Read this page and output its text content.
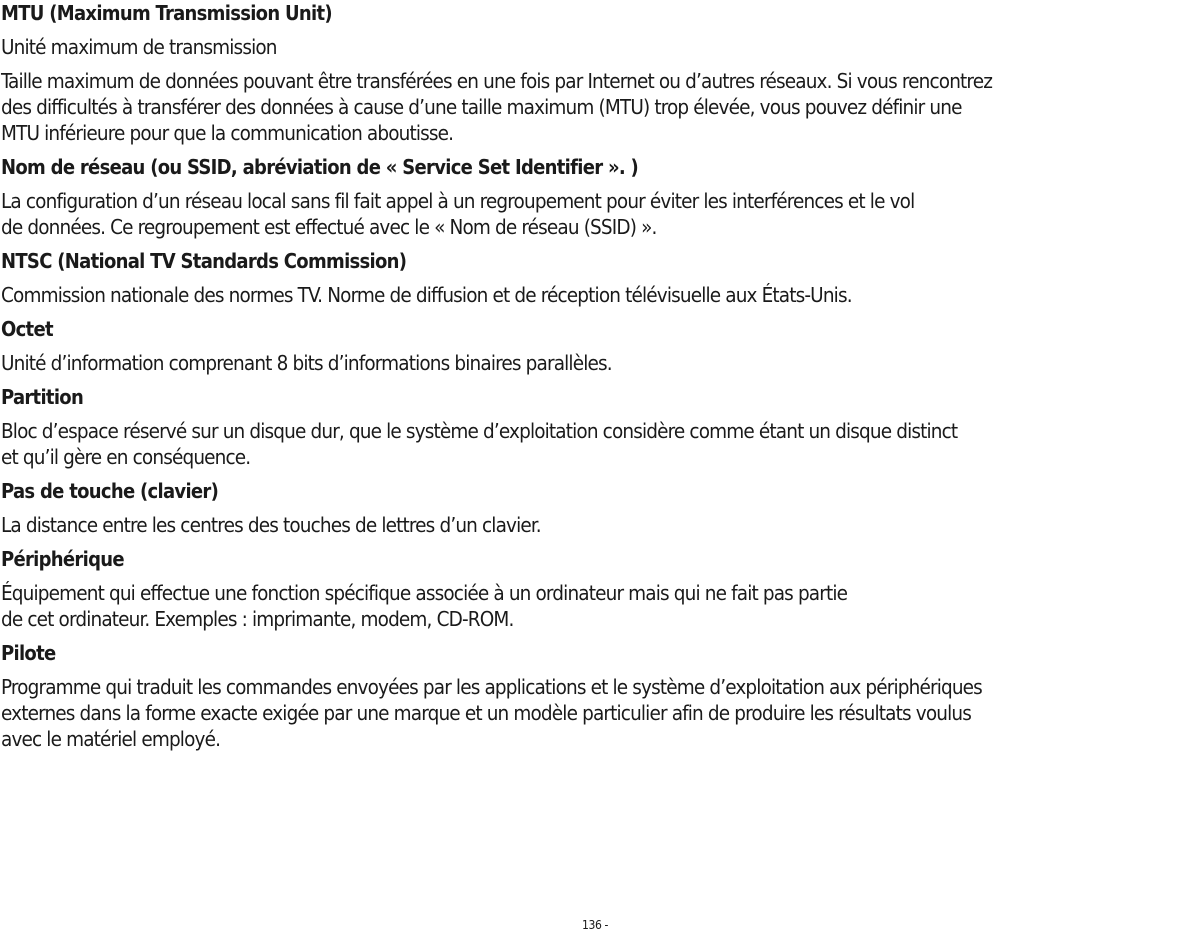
MTU (Maximum Transmission Unit)
Unité maximum de transmission
Taille maximum de données pouvant être transférées en une fois par Internet ou d’autres réseaux. Si vous rencontrez
des difficultés à transférer des données à cause d’une taille maximum (MTU) trop élevée, vous pouvez définir une
MTU inférieure pour que la communication aboutisse.
Nom de réseau (ou SSID, abréviation de « Service Set Identifier ». )
La configuration d’un réseau local sans fil fait appel à un regroupement pour éviter les interférences et le vol
de données. Ce regroupement est effectué avec le « Nom de réseau (SSID) ».
NTSC (National TV Standards Commission)
Commission nationale des normes TV. Norme de diffusion et de réception télévisuelle aux États-Unis.
Octet
Unité d’information comprenant 8 bits d’informations binaires parallèles.
Partition
Bloc d’espace réservé sur un disque dur, que le système d’exploitation considère comme étant un disque distinct
et qu’il gère en conséquence.
Pas de touche (clavier)
La distance entre les centres des touches de lettres d’un clavier.
Périphérique
Équipement qui effectue une fonction spécifique associée à un ordinateur mais qui ne fait pas partie
de cet ordinateur. Exemples : imprimante, modem, CD-ROM.
Pilote
Programme qui traduit les commandes envoyées par les applications et le système d’exploitation aux périphériques
externes dans la forme exacte exigée par une marque et un modèle particulier afin de produire les résultats voulus
avec le matériel employé.
136 -
